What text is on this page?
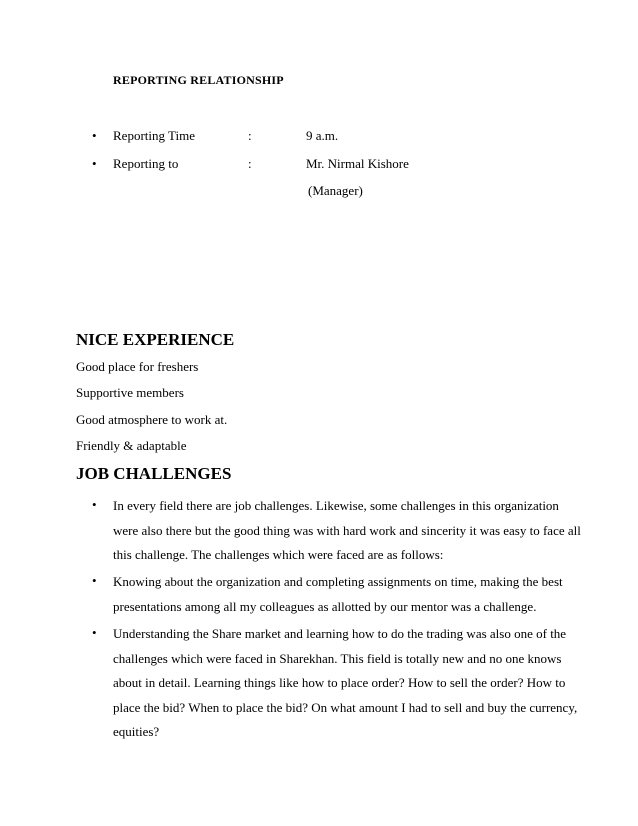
REPORTING RELATIONSHIP
• Reporting Time	:	9 a.m.
• Reporting to	:	Mr. Nirmal Kishore
(Manager)
NICE EXPERIENCE
Good place for freshers
Supportive members
Good atmosphere to work at.
Friendly & adaptable
JOB CHALLENGES
• In every field there are job challenges. Likewise, some challenges in this organization
were also there but the good thing was with hard work and sincerity it was easy to face all
this challenge. The challenges which were faced are as follows:
• Knowing about the organization and completing assignments on time, making the best
presentations among all my colleagues as allotted by our mentor was a challenge.
• Understanding the Share market and learning how to do the trading was also one of the
challenges which were faced in Sharekhan. This field is totally new and no one knows
about in detail. Learning things like how to place order? How to sell the order? How to
place the bid? When to place the bid? On what amount I had to sell and buy the currency,
equities?
